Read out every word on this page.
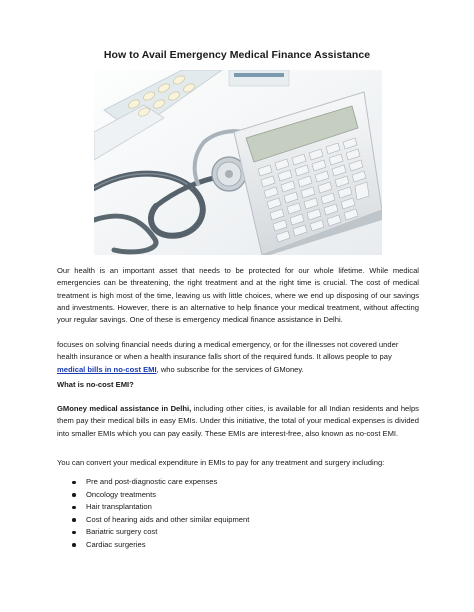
How to Avail Emergency Medical Finance Assistance

Our health is an important asset that needs to be protected for our whole lifetime. While medical emergencies can be threatening, the right treatment and at the right time is crucial. The cost of medical treatment is high most of the time, leaving us with little choices, where we end up disposing of our savings and investments. However, there is an alternative to help finance your medical treatment, without affecting your regular savings. One of these is emergency medical finance assistance in Delhi.

focuses on solving financial needs during a medical emergency, or for the illnesses not covered under health insurance or when a health insurance falls short of the required funds. It allows people to pay medical bills in no-cost EMI, who subscribe for the services of GMoney.

What is no-cost EMI?

GMoney medical assistance in Delhi, including other cities, is available for all Indian residents and helps them pay their medical bills in easy EMIs. Under this initiative, the total of your medical expenses is divided into smaller EMIs which you can pay easily. These EMIs are interest-free, also known as no-cost EMI.

You can convert your medical expenditure in EMIs to pay for any treatment and surgery including:

Pre and post-diagnostic care expenses
Oncology treatments
Hair transplantation
Cost of hearing aids and other similar equipment
Bariatric surgery cost
Cardiac surgeries
